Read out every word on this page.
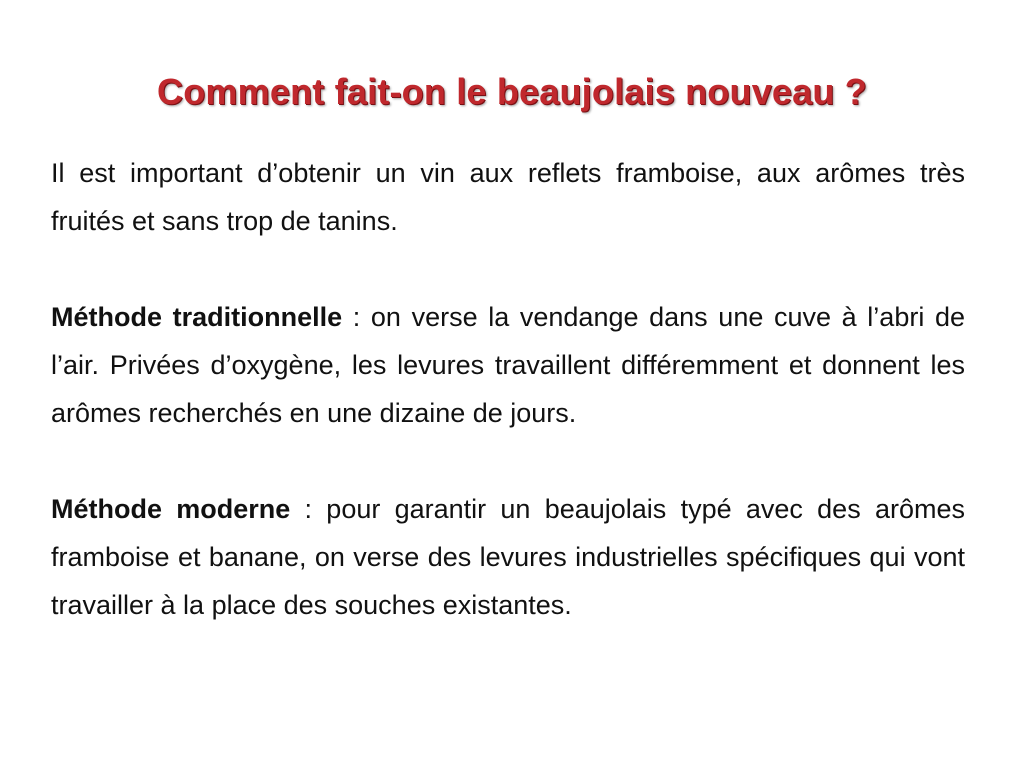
Comment fait-on le beaujolais nouveau ?

Il est important d’obtenir un vin aux reflets framboise, aux arômes très fruités et sans trop de tanins.

Méthode traditionnelle : on verse la vendange dans une cuve à l’abri de l’air. Privées d’oxygène, les levures travaillent différemment et donnent les arômes recherchés en une dizaine de jours.

Méthode moderne : pour garantir un beaujolais typé avec des arômes framboise et banane, on verse des levures industrielles spécifiques qui vont travailler à la place des souches existantes.
